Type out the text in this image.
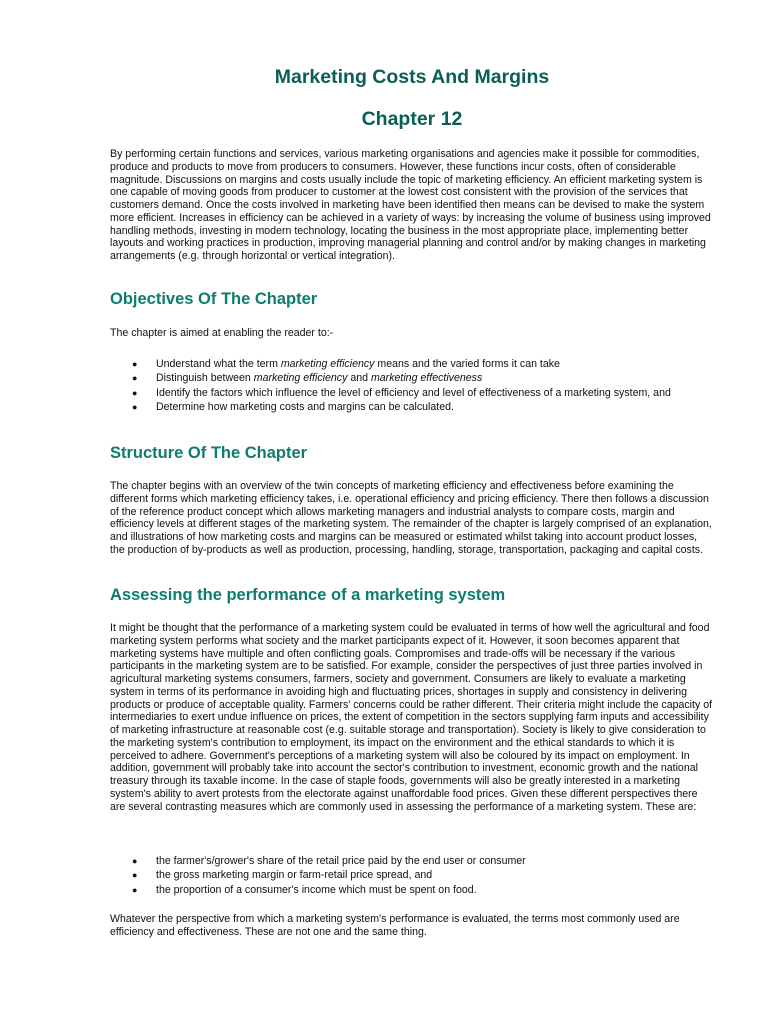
Marketing Costs And Margins
Chapter 12

By performing certain functions and services, various marketing organisations and agencies make it possible for commodities, produce and products to move from producers to consumers. However, these functions incur costs, often of considerable magnitude. Discussions on margins and costs usually include the topic of marketing efficiency. An efficient marketing system is one capable of moving goods from producer to customer at the lowest cost consistent with the provision of the services that customers demand. Once the costs involved in marketing have been identified then means can be devised to make the system more efficient. Increases in efficiency can be achieved in a variety of ways: by increasing the volume of business using improved handling methods, investing in modern technology, locating the business in the most appropriate place, implementing better layouts and working practices in production, improving managerial planning and control and/or by making changes in marketing arrangements (e.g. through horizontal or vertical integration).

Objectives Of The Chapter

The chapter is aimed at enabling the reader to:-

● Understand what the term marketing efficiency means and the varied forms it can take
● Distinguish between marketing efficiency and marketing effectiveness
● Identify the factors which influence the level of efficiency and level of effectiveness of a marketing system, and
● Determine how marketing costs and margins can be calculated.
Structure Of The Chapter

The chapter begins with an overview of the twin concepts of marketing efficiency and effectiveness before examining the different forms which marketing efficiency takes, i.e. operational efficiency and pricing efficiency. There then follows a discussion of the reference product concept which allows marketing managers and industrial analysts to compare costs, margin and efficiency levels at different stages of the marketing system. The remainder of the chapter is largely comprised of an explanation, and illustrations of how marketing costs and margins can be measured or estimated whilst taking into account product losses, the production of by-products as well as production, processing, handling, storage, transportation, packaging and capital costs.

Assessing the performance of a marketing system

It might be thought that the performance of a marketing system could be evaluated in terms of how well the agricultural and food marketing system performs what society and the market participants expect of it. However, it soon becomes apparent that marketing systems have multiple and often conflicting goals. Compromises and trade-offs will be necessary if the various participants in the marketing system are to be satisfied. For example, consider the perspectives of just three parties involved in agricultural marketing systems consumers, farmers, society and government. Consumers are likely to evaluate a marketing system in terms of its performance in avoiding high and fluctuating prices, shortages in supply and consistency in delivering products or produce of acceptable quality. Farmers' concerns could be rather different. Their criteria might include the capacity of intermediaries to exert undue influence on prices, the extent of competition in the sectors supplying farm inputs and accessibility of marketing infrastructure at reasonable cost (e.g. suitable storage and transportation). Society is likely to give consideration to the marketing system's contribution to employment, its impact on the environment and the ethical standards to which it is perceived to adhere. Government's perceptions of a marketing system will also be coloured by its impact on employment. In addition, government will probably take into account the sector's contribution to investment, economic growth and the national treasury through its taxable income. In the case of staple foods, governments will also be greatly interested in a marketing system's ability to avert protests from the electorate against unaffordable food prices. Given these different perspectives there are several contrasting measures which are commonly used in assessing the performance of a marketing system. These are:

● the farmer's/grower's share of the retail price paid by the end user or consumer
● the gross marketing margin or farm-retail price spread, and
● the proportion of a consumer's income which must be spent on food.

Whatever the perspective from which a marketing system's performance is evaluated, the terms most commonly used are efficiency and effectiveness. These are not one and the same thing.
